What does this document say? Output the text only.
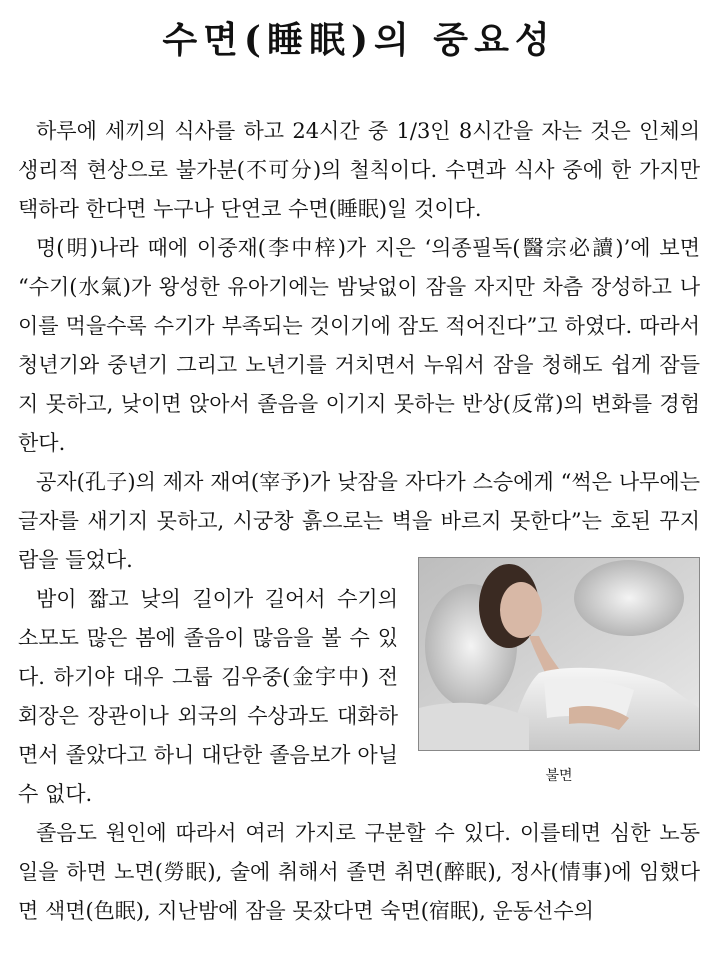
수면(睡眠)의 중요성

하루에 세끼의 식사를 하고 24시간 중 1/3인 8시간을 자는 것은 인체의 생리적 현상으로 불가분(不可分)의 철칙이다. 수면과 식사 중에 한 가지만 택하라 한다면 누구나 단연코 수면(睡眠)일 것이다.

명(明)나라 때에 이중재(李中梓)가 지은 ‘의종필독(醫宗必讀)’에 보면 “수기(水氣)가 왕성한 유아기에는 밤낮없이 잠을 자지만 차츰 장성하고 나이를 먹을수록 수기가 부족되는 것이기에 잠도 적어진다”고 하였다. 따라서 청년기와 중년기 그리고 노년기를 거치면서 누워서 잠을 청해도 쉽게 잠들지 못하고, 낮이면 앉아서 졸음을 이기지 못하는 반상(反常)의 변화를 경험한다.

공자(孔子)의 제자 재여(宰予)가 낮잠을 자다가 스승에게 “썩은 나무에는 글자를 새기지 못하고, 시궁창 흙으로는 벽을 바르지 못한다”는 호된 꾸지람을 들었다.

불면

밤이 짧고 낮의 길이가 길어서 수기의 소모도 많은 봄에 졸음이 많음을 볼 수 있다. 하기야 대우 그룹 김우중(金宇中) 전 회장은 장관이나 외국의 수상과도 대화하면서 졸았다고 하니 대단한 졸음보가 아닐 수 없다.

졸음도 원인에 따라서 여러 가지로 구분할 수 있다. 이를테면 심한 노동 일을 하면 노면(勞眠), 술에 취해서 졸면 취면(醉眠), 정사(情事)에 임했다면 색면(色眠), 지난밤에 잠을 못잤다면 숙면(宿眠), 운동선수의
